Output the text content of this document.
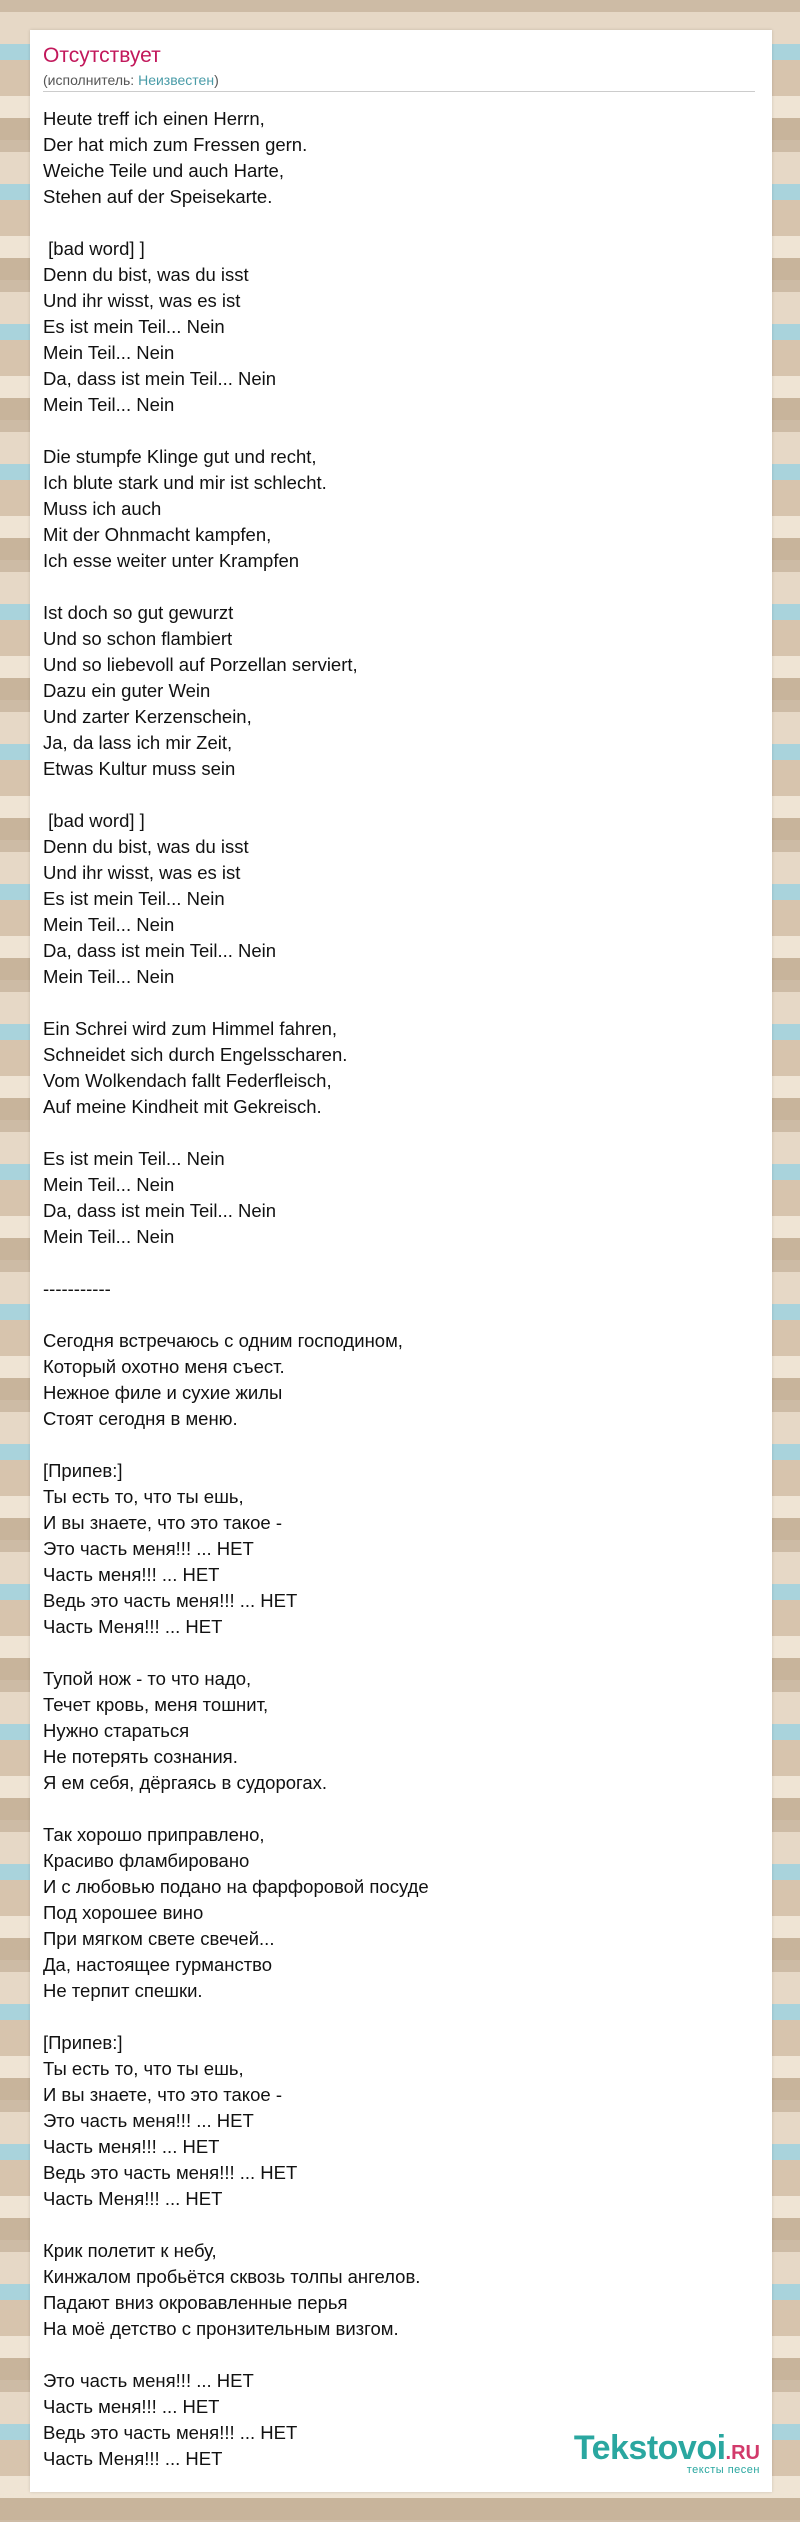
Отсутствует
(исполнитель: Неизвестен)
Heute treff ich einen Herrn,
Der hat mich zum Fressen gern.
Weiche Teile und auch Harte,
Stehen auf der Speisekarte.

[bad word] ]
Denn du bist, was du isst
Und ihr wisst, was es ist
Es ist mein Teil... Nein
Mein Teil... Nein
Da, dass ist mein Teil... Nein
Mein Teil... Nein

Die stumpfe Klinge gut und recht,
Ich blute stark und mir ist schlecht.
Muss ich auch
Mit der Ohnmacht kampfen,
Ich esse weiter unter Krampfen

Ist doch so gut gewurzt
Und so schon flambiert
Und so liebevoll auf Porzellan serviert,
Dazu ein guter Wein
Und zarter Kerzenschein,
Ja, da lass ich mir Zeit,
Etwas Kultur muss sein

[bad word] ]
Denn du bist, was du isst
Und ihr wisst, was es ist
Es ist mein Teil... Nein
Mein Teil... Nein
Da, dass ist mein Teil... Nein
Mein Teil... Nein

Ein Schrei wird zum Himmel fahren,
Schneidet sich durch Engelsscharen.
Vom Wolkendach fallt Federfleisch,
Auf meine Kindheit mit Gekreisch.

Es ist mein Teil... Nein
Mein Teil... Nein
Da, dass ist mein Teil... Nein
Mein Teil... Nein

-----------

Сегодня встречаюсь с одним господином,
Который охотно меня съест.
Нежное филе и сухие жилы
Стоят сегодня в меню.

[Припев:]
Ты есть то, что ты ешь,
И вы знаете, что это такое -
Это часть меня!!! ... НЕТ
Часть меня!!! ... НЕТ
Ведь это часть меня!!! ... НЕТ
Часть Меня!!! ... НЕТ

Тупой нож - то что надо,
Течет кровь, меня тошнит,
Нужно стараться
Не потерять сознания.
Я ем себя, дёргаясь в судорогах.

Так хорошо приправлено,
Красиво фламбировано
И с любовью подано на фарфоровой посуде
Под хорошее вино
При мягком свете свечей...
Да, настоящее гурманство
Не терпит спешки.

[Припев:]
Ты есть то, что ты ешь,
И вы знаете, что это такое -
Это часть меня!!! ... НЕТ
Часть меня!!! ... НЕТ
Ведь это часть меня!!! ... НЕТ
Часть Меня!!! ... НЕТ

Крик полетит к небу,
Кинжалом пробьётся сквозь толпы ангелов.
Падают вниз окровавленные перья
На моё детство с пронзительным визгом.

Это часть меня!!! ... НЕТ
Часть меня!!! ... НЕТ
Ведь это часть меня!!! ... НЕТ
Часть Меня!!! ... НЕТ	Tekstovoi.RU
тексты песен
